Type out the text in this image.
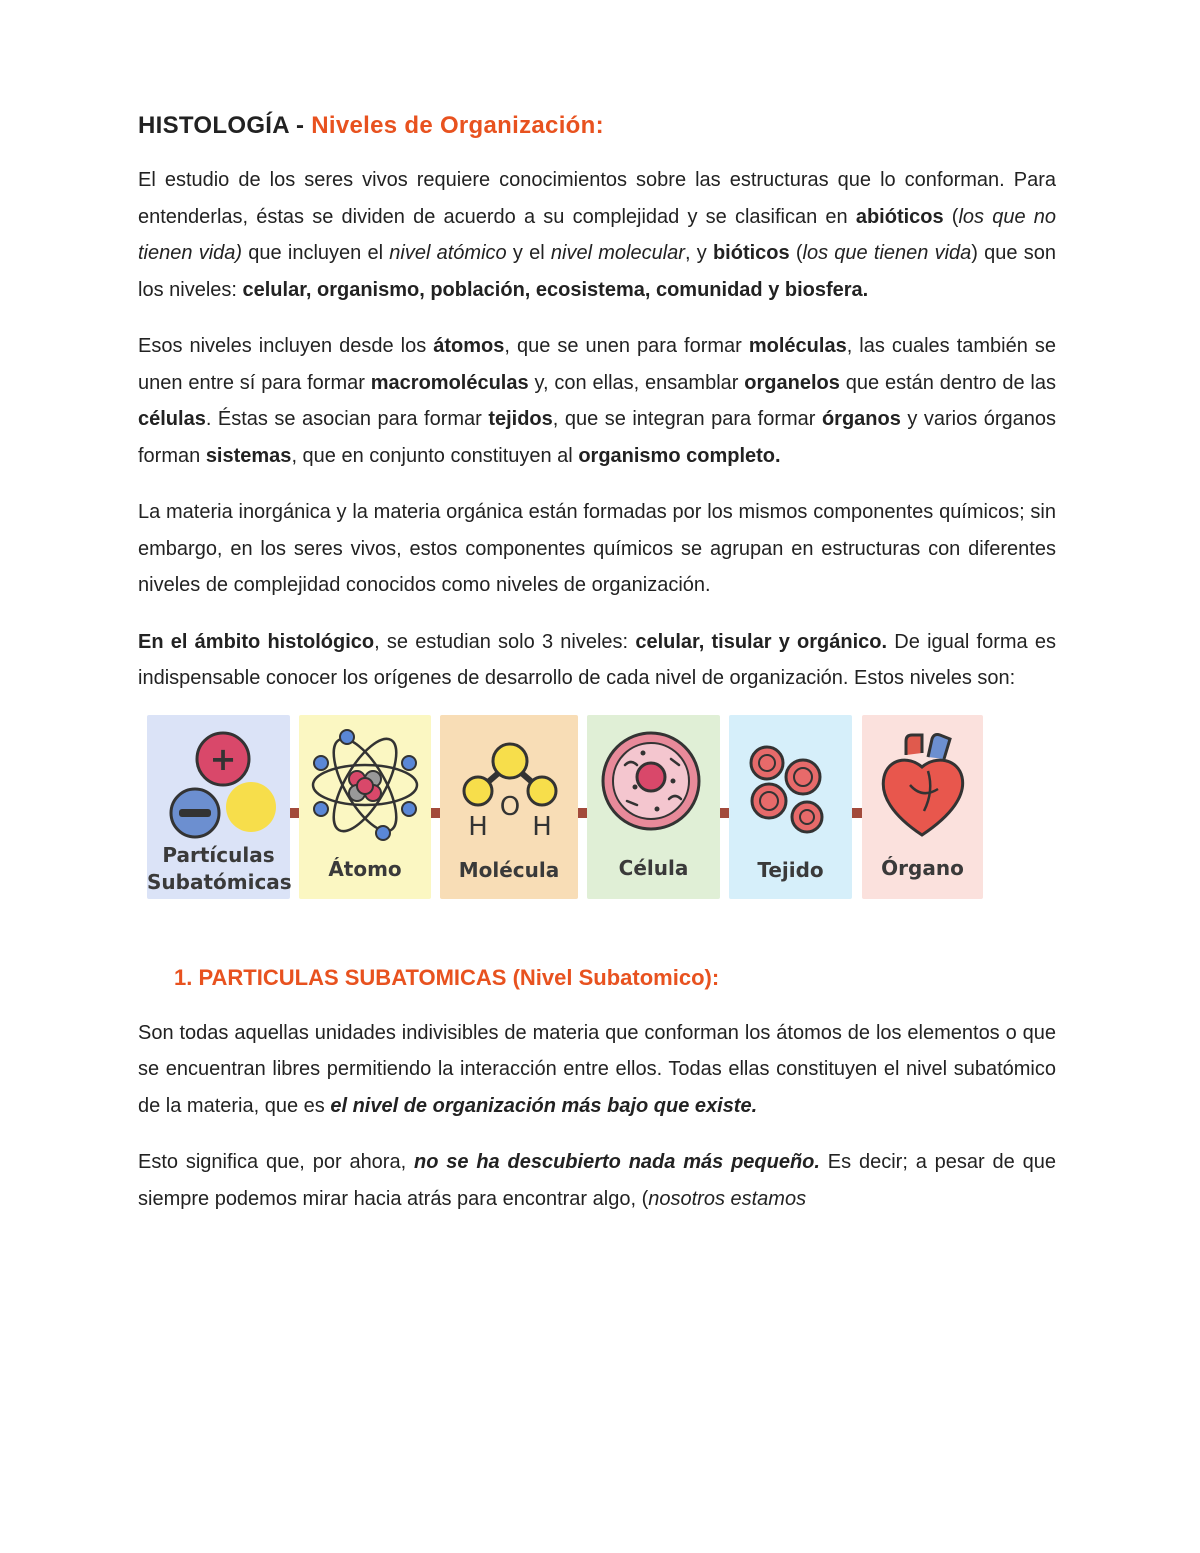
HISTOLOGÍA - Niveles de Organización:

El estudio de los seres vivos requiere conocimientos sobre las estructuras que lo conforman. Para entenderlas, éstas se dividen de acuerdo a su complejidad y se clasifican en abióticos (los que no tienen vida) que incluyen el nivel atómico y el nivel molecular, y bióticos (los que tienen vida) que son los niveles: celular, organismo, población, ecosistema, comunidad y biosfera.

Esos niveles incluyen desde los átomos, que se unen para formar moléculas, las cuales también se unen entre sí para formar macromoléculas y, con ellas, ensamblar organelos que están dentro de las células. Éstas se asocian para formar tejidos, que se integran para formar órganos y varios órganos forman sistemas, que en conjunto constituyen al organismo completo.

La materia inorgánica y la materia orgánica están formadas por los mismos componentes químicos; sin embargo, en los seres vivos, estos componentes químicos se agrupan en estructuras con diferentes niveles de complejidad conocidos como niveles de organización.

En el ámbito histológico, se estudian solo 3 niveles: celular, tisular y orgánico. De igual forma es indispensable conocer los orígenes de desarrollo de cada nivel de organización. Estos niveles son:

+
Partículas
Subatómicas
Átomo
H
O
H
Molécula	Célula	Tejido	Órgano
1. PARTICULAS SUBATOMICAS (Nivel Subatomico):

Son todas aquellas unidades indivisibles de materia que conforman los átomos de los elementos o que se encuentran libres permitiendo la interacción entre ellos. Todas ellas constituyen el nivel subatómico de la materia, que es el nivel de organización más bajo que existe.

Esto significa que, por ahora, no se ha descubierto nada más pequeño. Es decir; a pesar de que siempre podemos mirar hacia atrás para encontrar algo, (nosotros estamos
